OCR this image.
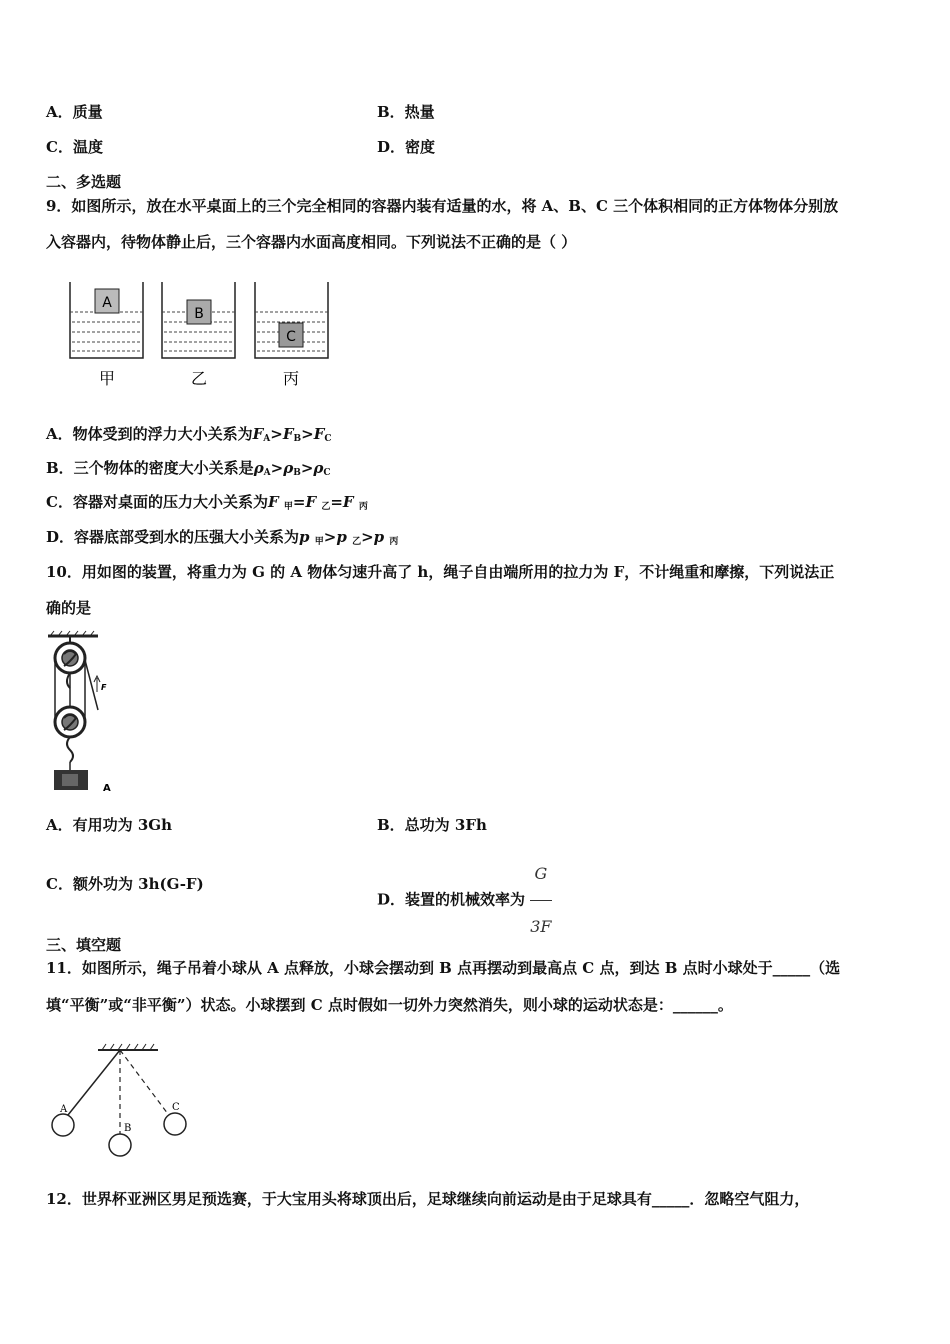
A．质量	B．热量
C．温度	D．密度
二、多选题
9．如图所示，放在水平桌面上的三个完全相同的容器内装有适量的水，将 A、B、C 三个体积相同的正方体物体分别放
入容器内，待物体静止后，三个容器内水面高度相同。下列说法不正确的是（ ）
A
B
C
甲	乙	丙
A．物体受到的浮力大小关系为$F_A>F_B>F_C$
B．三个物体的密度大小关系是$\rho_A>\rho_B>\rho_C$
C．容器对桌面的压力大小关系为F $_甲$=F $_乙$=F $_丙$
D．容器底部受到水的压强大小关系为p $_甲$>p $_乙$>p $_丙$
10．用如图的装置，将重力为 G 的 A 物体匀速升高了 h，绳子自由端所用的拉力为 F，不计绳重和摩擦，下列说法正
确的是
F
A
A．有用功为 3Gh	B．总功为 3Fh
C．额外功为 3h(G-F)
D．装置的机械效率为 $\frac{G}{3F}$
三、填空题
11．如图所示，绳子吊着小球从 A 点释放，小球会摆动到 B 点再摆动到最高点 C 点，到达 B 点时小球处于_____（选
填“平衡”或“非平衡”）状态。小球摆到 C 点时假如一切外力突然消失，则小球的运动状态是：______。
A
B
C
12．世界杯亚洲区男足预选赛，于大宝用头将球顶出后，足球继续向前运动是由于足球具有_____．忽略空气阻力，
